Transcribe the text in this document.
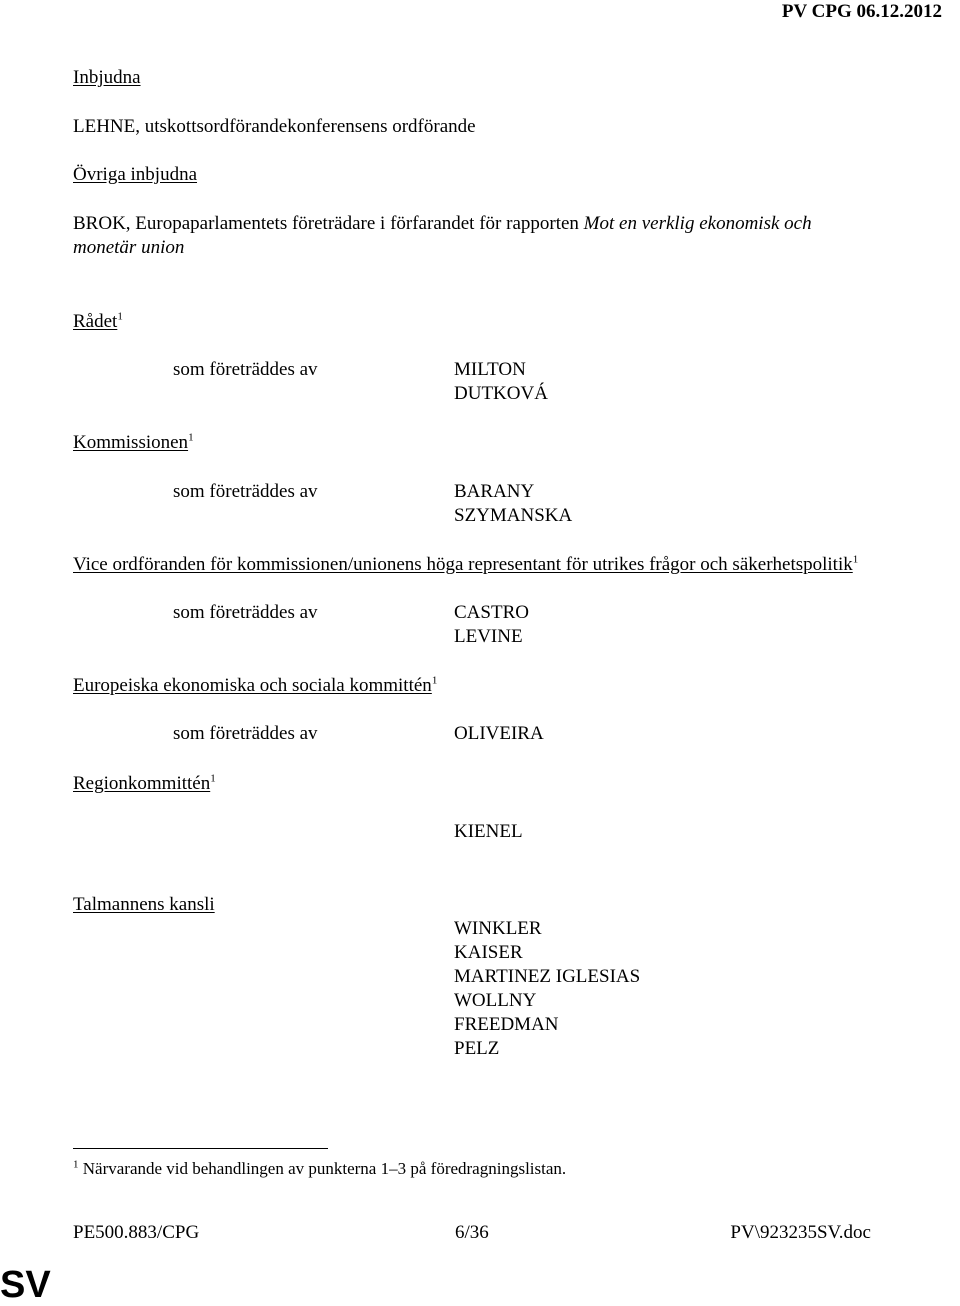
PV CPG 06.12.2012
Inbjudna
LEHNE, utskottsordförandekonferensens ordförande
Övriga inbjudna
BROK, Europaparlamentets företrädare i förfarandet för rapporten Mot en verklig ekonomisk och
monetär union
Rådet$^1$
som företräddes av	MILTON
DUTKOVÁ
Kommissionen$^1$
som företräddes av	BARANY
SZYMANSKA
Vice ordföranden för kommissionen/unionens höga representant för utrikes frågor och säkerhetspolitik$^1$
som företräddes av	CASTRO
LEVINE
Europeiska ekonomiska och sociala kommittén$^1$
som företräddes av	OLIVEIRA
Regionkommittén$^1$
KIENEL
Talmannens kansli
WINKLER
KAISER
MARTINEZ IGLESIAS
WOLLNY
FREEDMAN
PELZ
$^1$ Närvarande vid behandlingen av punkterna 1–3 på föredragningslistan.
PE500.883/CPG	6/36	PV\923235SV.doc
SV
